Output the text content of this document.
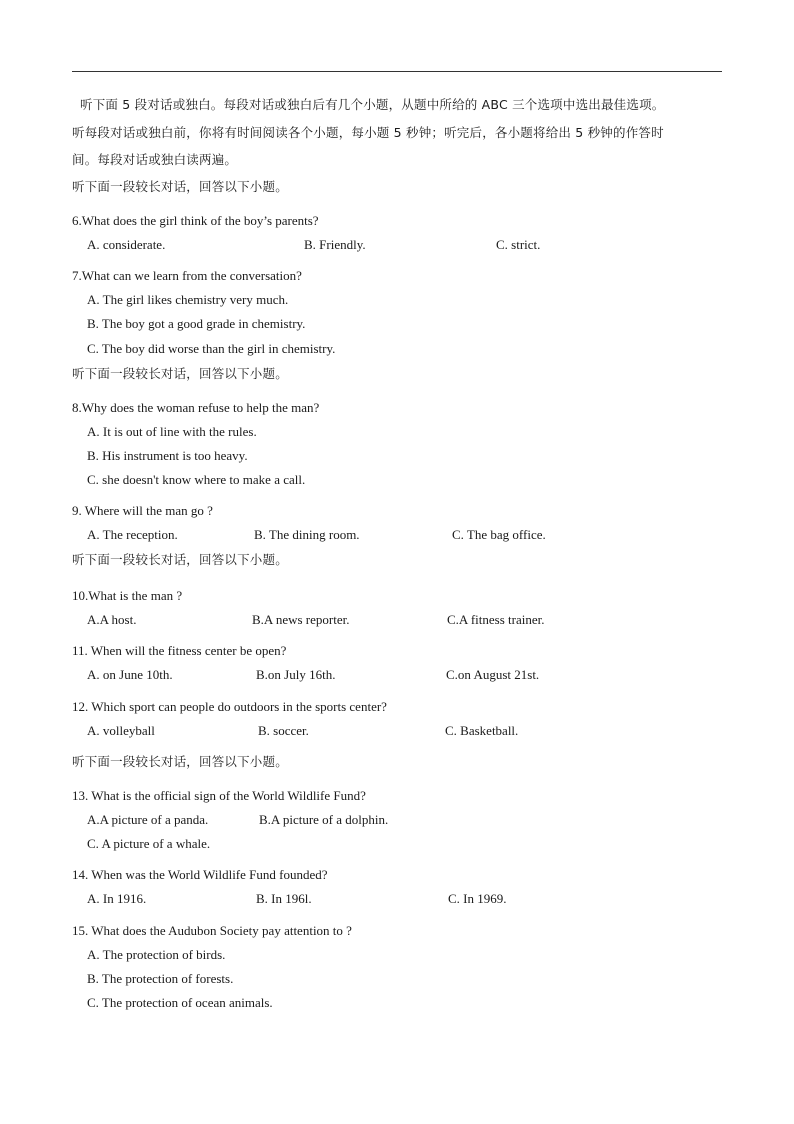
听下面 5 段对话或独白。每段对话或独白后有几个小题，从题中所给的 ABC 三个选项中选出最佳选项。
听每段对话或独白前，你将有时间阅读各个小题，每小题 5 秒钟；听完后，各小题将给出 5 秒钟的作答时
间。每段对话或独白读两遍。
听下面一段较长对话，回答以下小题。
6.What does the girl think of the boy’s parents?
A. considerate.	B. Friendly.	C. strict.
7.What can we learn from the conversation?
A. The girl likes chemistry very much.
B. The boy got a good grade in chemistry.
C. The boy did worse than the girl in chemistry.
听下面一段较长对话，回答以下小题。
8.Why does the woman refuse to help the man?
A. It is out of line with the rules.
B. His instrument is too heavy.
C. she doesn't know where to make a call.
9. Where will the man go ?
A. The reception.	B. The dining room.	C. The bag office.
听下面一段较长对话，回答以下小题。
10.What is the man ?
A.A host.	B.A news reporter.	C.A fitness trainer.
11. When will the fitness center be open?
A. on June 10th.	B.on July 16th.	C.on August 21st.
12. Which sport can people do outdoors in the sports center?
A. volleyball	B. soccer.	C. Basketball.
听下面一段较长对话，回答以下小题。
13. What is the official sign of the World Wildlife Fund?
A.A picture of a panda.	B.A picture of a dolphin.
C. A picture of a whale.
14. When was the World Wildlife Fund founded?
A. In 1916.	B. In 196l.	C. In 1969.
15. What does the Audubon Society pay attention to ?
A. The protection of birds.
B. The protection of forests.
C. The protection of ocean animals.
